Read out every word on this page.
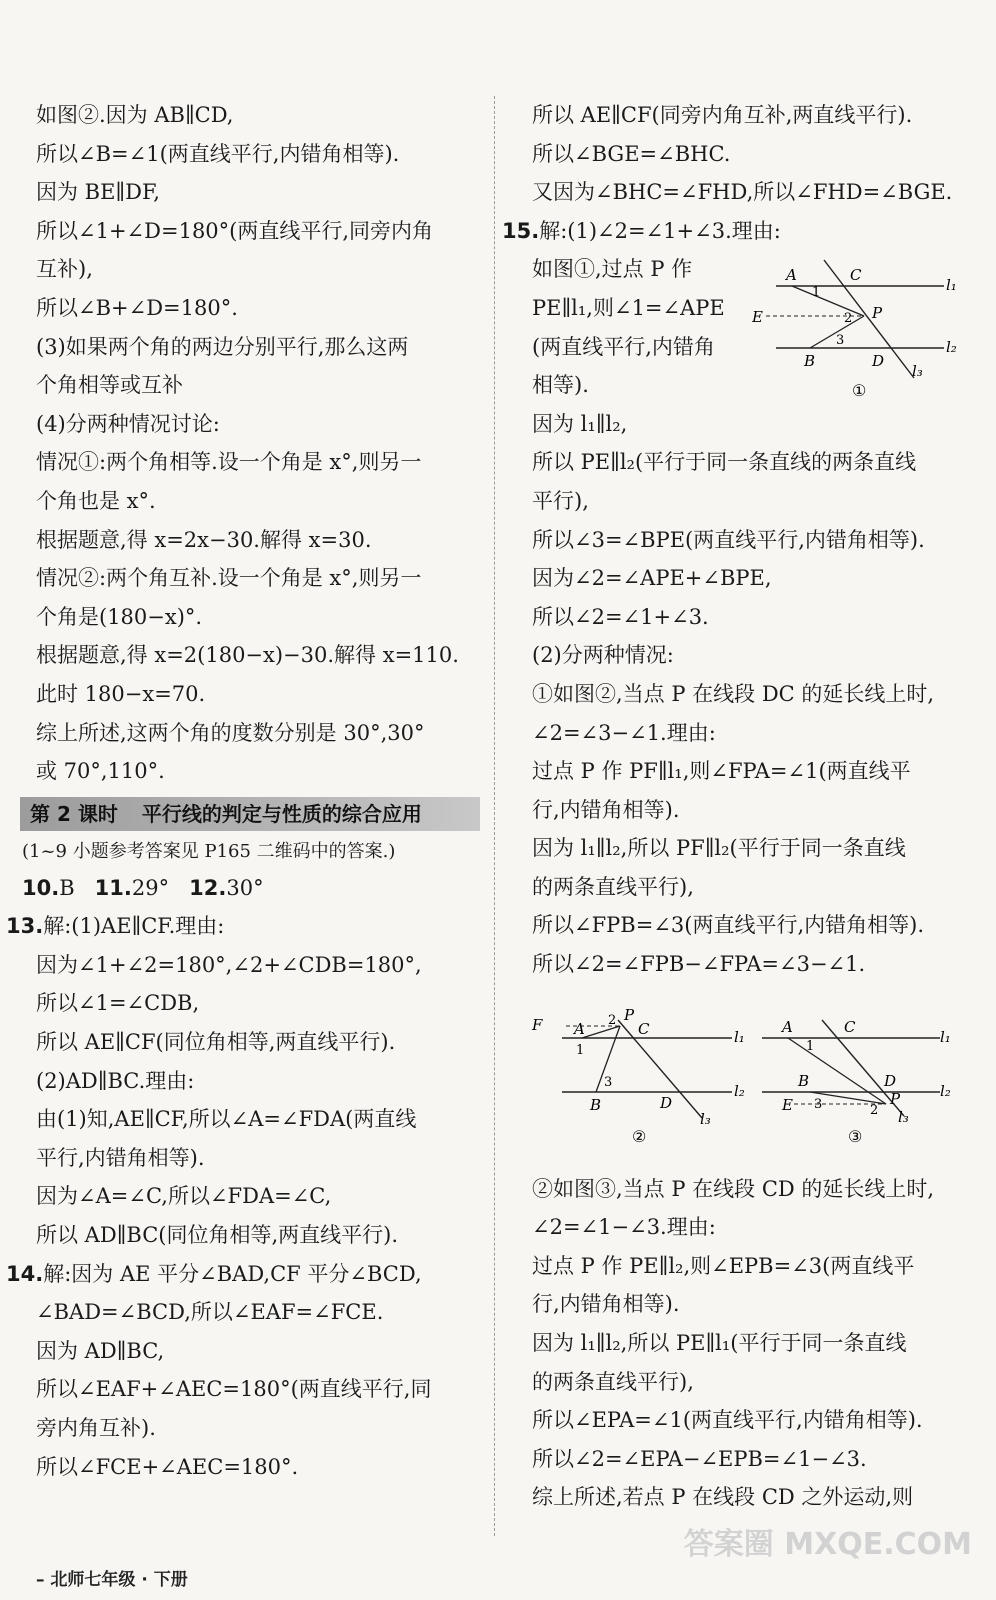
如图②.因为 AB∥CD,
所以∠B=∠1(两直线平行,内错角相等).
因为 BE∥DF,
所以∠1+∠D=180°(两直线平行,同旁内角
互补),
所以∠B+∠D=180°.
(3)如果两个角的两边分别平行,那么这两
个角相等或互补
(4)分两种情况讨论:
情况①:两个角相等.设一个角是 x°,则另一
个角也是 x°.
根据题意,得 x=2x−30.解得 x=30.
情况②:两个角互补.设一个角是 x°,则另一
个角是(180−x)°.
根据题意,得 x=2(180−x)−30.解得 x=110.
此时 180−x=70.
综上所述,这两个角的度数分别是 30°,30°
或 70°,110°.
第 2 课时 平行线的判定与性质的综合应用
(1~9 小题参考答案见 P165 二维码中的答案.)
10.B 11.29° 12.30°
13.解:(1)AE∥CF.理由:
因为∠1+∠2=180°,∠2+∠CDB=180°,
所以∠1=∠CDB,
所以 AE∥CF(同位角相等,两直线平行).
(2)AD∥BC.理由:
由(1)知,AE∥CF,所以∠A=∠FDA(两直线
平行,内错角相等).
因为∠A=∠C,所以∠FDA=∠C,
所以 AD∥BC(同位角相等,两直线平行).
14.解:因为 AE 平分∠BAD,CF 平分∠BCD,
∠BAD=∠BCD,所以∠EAF=∠FCE.
因为 AD∥BC,
所以∠EAF+∠AEC=180°(两直线平行,同
旁内角互补).
所以∠FCE+∠AEC=180°.
所以 AE∥CF(同旁内角互补,两直线平行).
所以∠BGE=∠BHC.
又因为∠BHC=∠FHD,所以∠FHD=∠BGE.
15.解:(1)∠2=∠1+∠3.理由:
如图①,过点 P 作
PE∥l₁,则∠1=∠APE
(两直线平行,内错角
相等).
因为 l₁∥l₂,
所以 PE∥l₂(平行于同一条直线的两条直线
平行),
所以∠3=∠BPE(两直线平行,内错角相等).
因为∠2=∠APE+∠BPE,
所以∠2=∠1+∠3.
(2)分两种情况:
①如图②,当点 P 在线段 DC 的延长线上时,
∠2=∠3−∠1.理由:
过点 P 作 PF∥l₁,则∠FPA=∠1(两直线平
行,内错角相等).
因为 l₁∥l₂,所以 PF∥l₂(平行于同一条直线
的两条直线平行),
所以∠FPB=∠3(两直线平行,内错角相等).
所以∠2=∠FPB−∠FPA=∠3−∠1.
②如图③,当点 P 在线段 CD 的延长线上时,
∠2=∠1−∠3.理由:
过点 P 作 PE∥l₂,则∠EPB=∠3(两直线平
行,内错角相等).
因为 l₁∥l₂,所以 PE∥l₁(平行于同一条直线
的两条直线平行),
所以∠EPA=∠1(两直线平行,内错角相等).
所以∠2=∠EPA−∠EPB=∠1−∠3.
综上所述,若点 P 在线段 CD 之外运动,则
A	C
E	P
B	D
l₁
l₂
l₃
1
2
3
①
F
P
A	C
B	D
l₁
l₂
l₃
1
2
3
②
A	C
B	D
E	P
l₁
l₂
l₃
1
2
3
③
– 北师七年级 · 下册
答案圈 MXQE.COM
